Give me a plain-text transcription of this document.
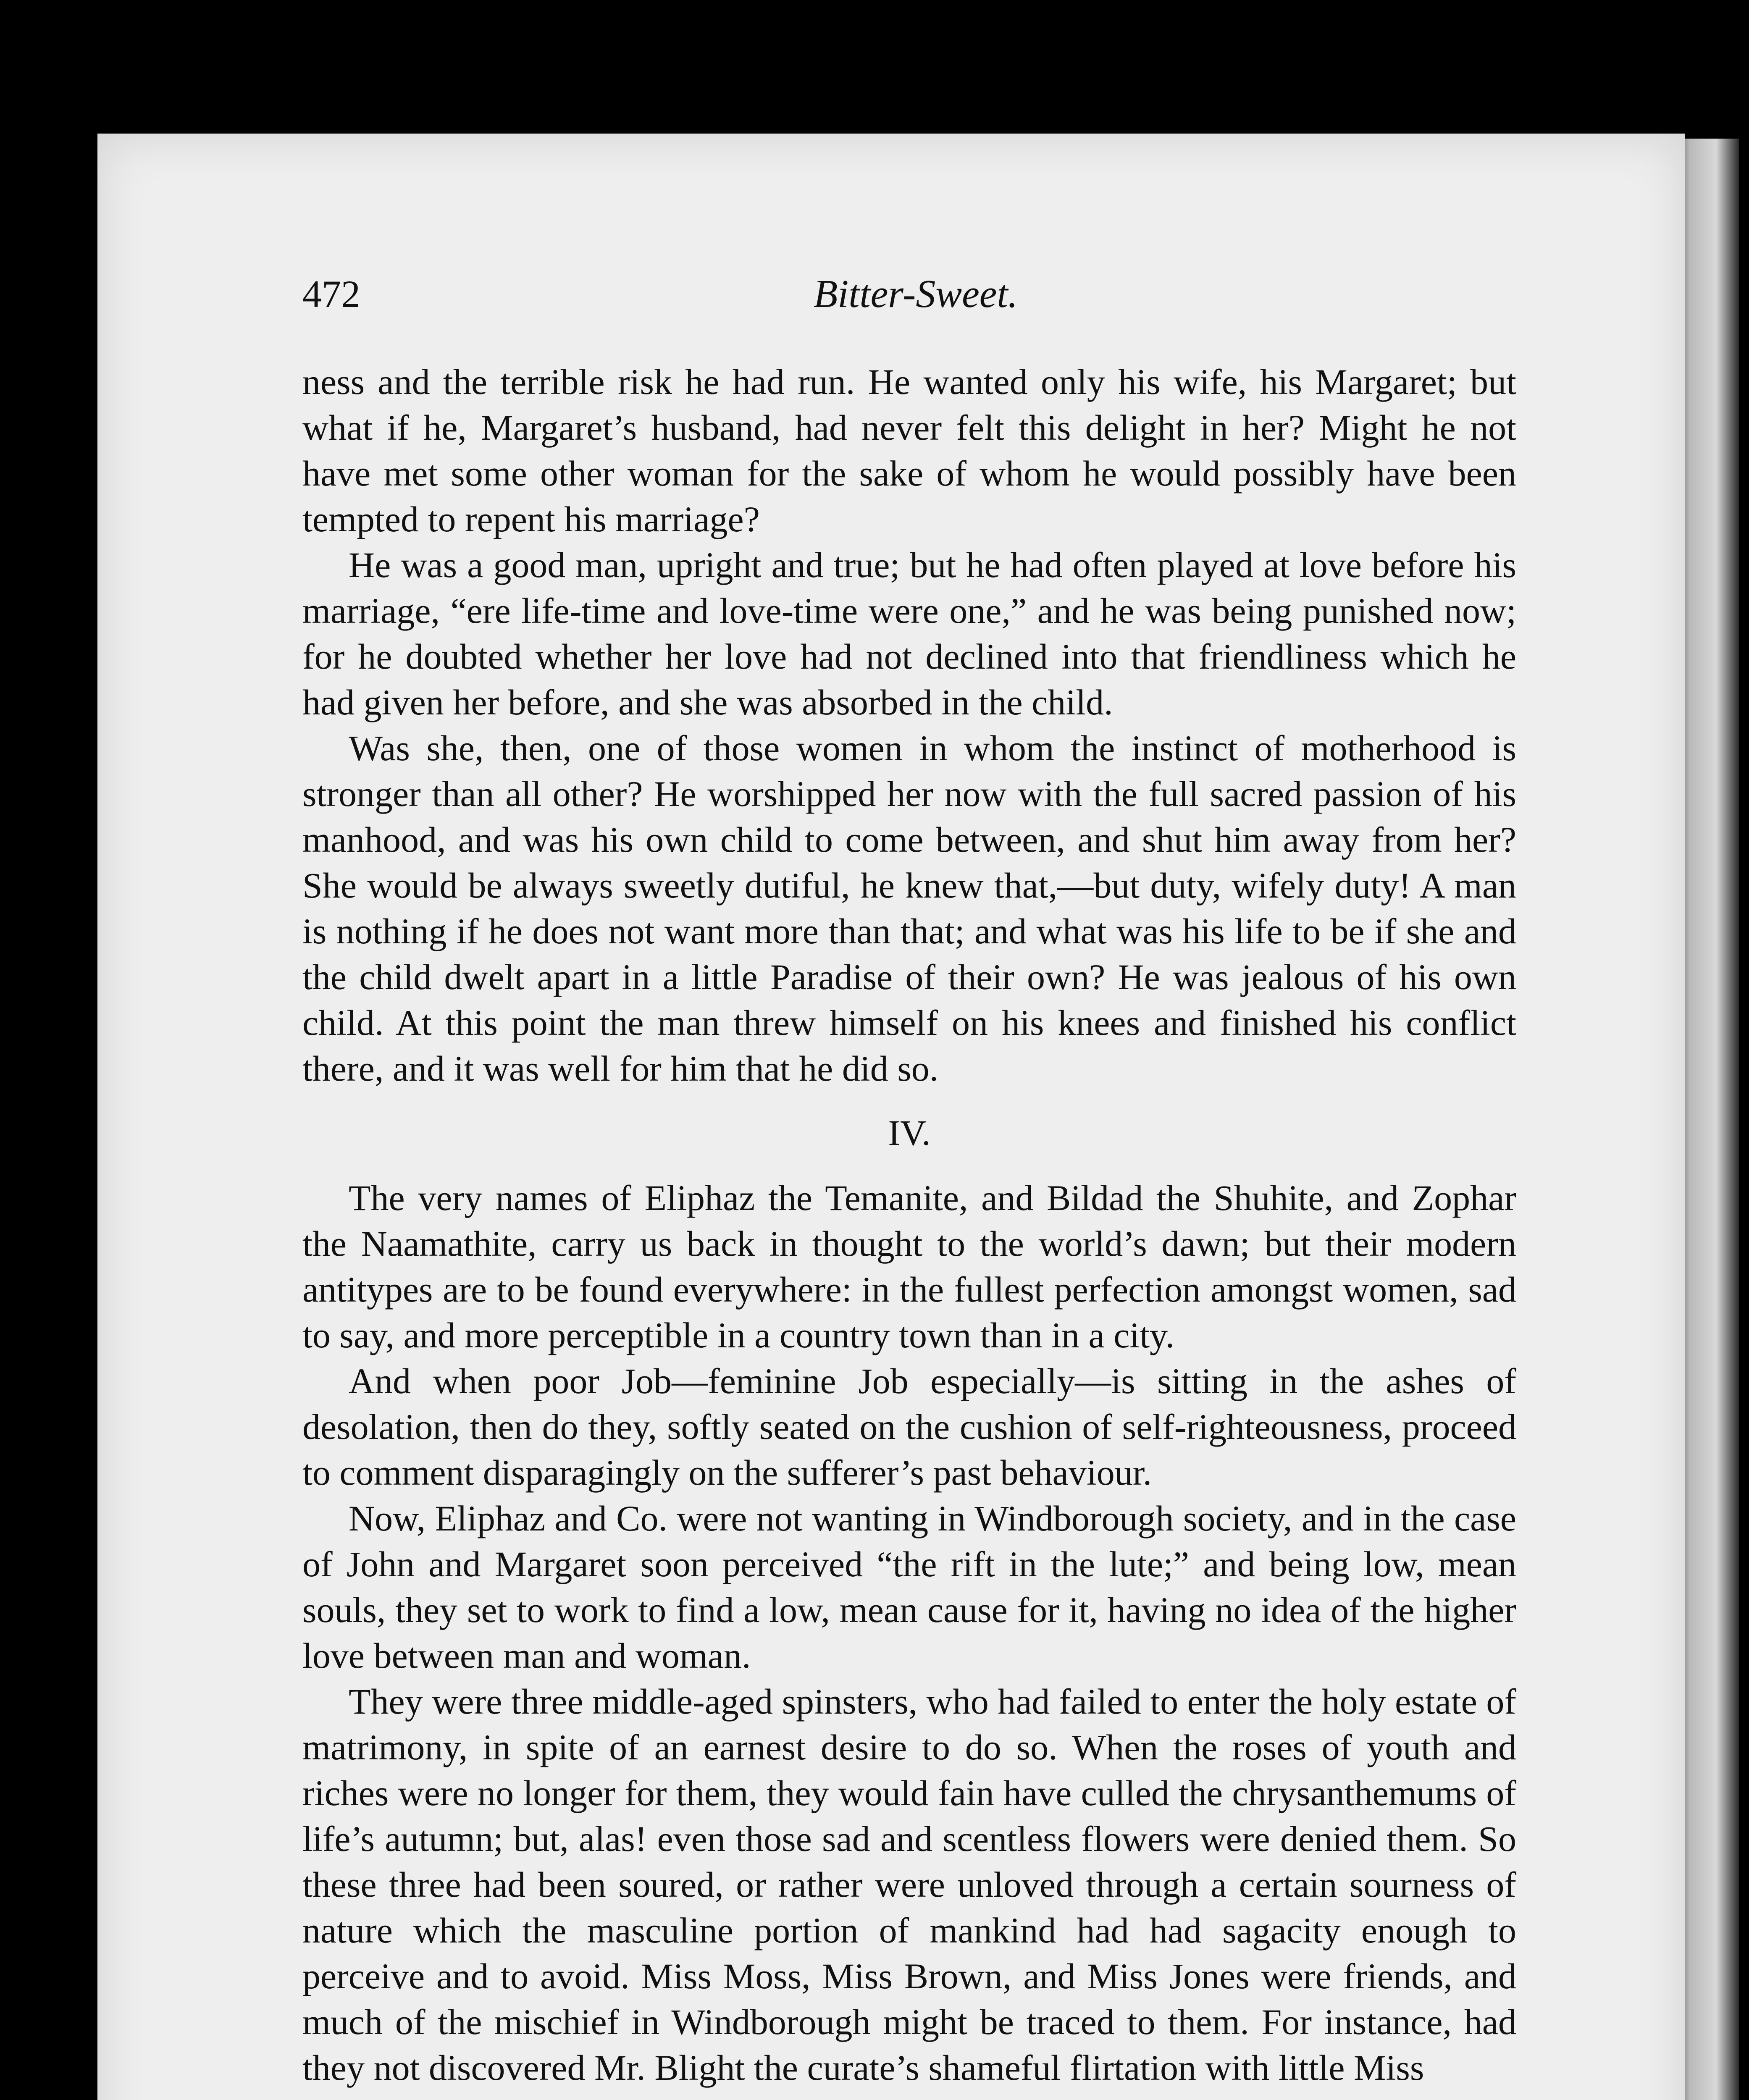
472	Bitter-Sweet.

ness and the terrible risk he had run. He wanted only his wife, his Margaret; but what if he, Margaret’s husband, had never felt this delight in her? Might he not have met some other woman for the sake of whom he would possibly have been tempted to repent his marriage?

He was a good man, upright and true; but he had often played at love before his marriage, “ere life-time and love-time were one,” and he was being punished now; for he doubted whether her love had not declined into that friendliness which he had given her before, and she was absorbed in the child.

Was she, then, one of those women in whom the instinct of motherhood is stronger than all other? He worshipped her now with the full sacred passion of his manhood, and was his own child to come between, and shut him away from her? She would be always sweetly dutiful, he knew that,—but duty, wifely duty! A man is nothing if he does not want more than that; and what was his life to be if she and the child dwelt apart in a little Paradise of their own? He was jealous of his own child. At this point the man threw himself on his knees and finished his conflict there, and it was well for him that he did so.

IV.

The very names of Eliphaz the Temanite, and Bildad the Shuhite, and Zophar the Naamathite, carry us back in thought to the world’s dawn; but their modern antitypes are to be found everywhere: in the fullest perfection amongst women, sad to say, and more perceptible in a country town than in a city.

And when poor Job—feminine Job especially—is sitting in the ashes of desolation, then do they, softly seated on the cushion of self-righteousness, proceed to comment disparagingly on the sufferer’s past behaviour.

Now, Eliphaz and Co. were not wanting in Windborough society, and in the case of John and Margaret soon perceived “the rift in the lute;” and being low, mean souls, they set to work to find a low, mean cause for it, having no idea of the higher love between man and woman.

They were three middle-aged spinsters, who had failed to enter the holy estate of matrimony, in spite of an earnest desire to do so. When the roses of youth and riches were no longer for them, they would fain have culled the chrysanthemums of life’s autumn; but, alas! even those sad and scentless flowers were denied them. So these three had been soured, or rather were unloved through a certain sourness of nature which the masculine portion of mankind had had sagacity enough to perceive and to avoid. Miss Moss, Miss Brown, and Miss Jones were friends, and much of the mischief in Windborough might be traced to them. For instance, had they not discovered Mr. Blight the curate’s shameful flirtation with little Miss
